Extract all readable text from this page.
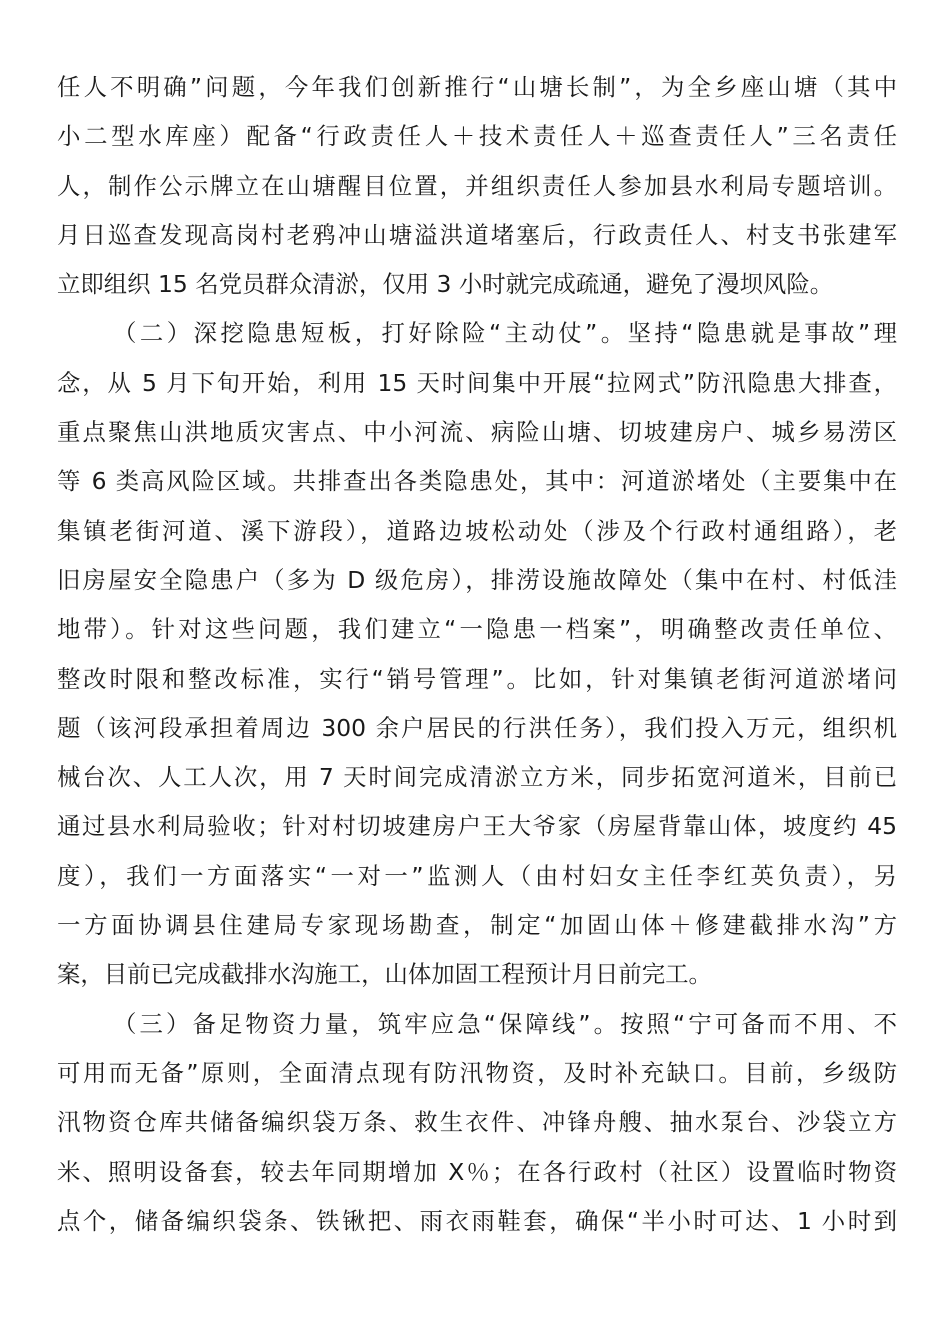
任人不明确”问题，今年我们创新推行“山塘长制”，为全乡座山塘（其中
小二型水库座）配备“行政责任人＋技术责任人＋巡查责任人”三名责任
人，制作公示牌立在山塘醒目位置，并组织责任人参加县水利局专题培训。
月日巡查发现高岗村老鸦冲山塘溢洪道堵塞后，行政责任人、村支书张建军
立即组织 15 名党员群众清淤，仅用 3 小时就完成疏通，避免了漫坝风险。
（二）深挖隐患短板，打好除险“主动仗”。坚持“隐患就是事故”理
念，从 5 月下旬开始，利用 15 天时间集中开展“拉网式”防汛隐患大排查，
重点聚焦山洪地质灾害点、中小河流、病险山塘、切坡建房户、城乡易涝区
等 6 类高风险区域。共排查出各类隐患处，其中：河道淤堵处（主要集中在
集镇老街河道、溪下游段），道路边坡松动处（涉及个行政村通组路），老
旧房屋安全隐患户（多为 D 级危房），排涝设施故障处（集中在村、村低洼
地带）。针对这些问题，我们建立“一隐患一档案”，明确整改责任单位、
整改时限和整改标准，实行“销号管理”。比如，针对集镇老街河道淤堵问
题（该河段承担着周边 300 余户居民的行洪任务），我们投入万元，组织机
械台次、人工人次，用 7 天时间完成清淤立方米，同步拓宽河道米，目前已
通过县水利局验收；针对村切坡建房户王大爷家（房屋背靠山体，坡度约 45
度），我们一方面落实“一对一”监测人（由村妇女主任李红英负责），另
一方面协调县住建局专家现场勘查，制定“加固山体＋修建截排水沟”方
案，目前已完成截排水沟施工，山体加固工程预计月日前完工。
（三）备足物资力量，筑牢应急“保障线”。按照“宁可备而不用、不
可用而无备”原则，全面清点现有防汛物资，及时补充缺口。目前，乡级防
汛物资仓库共储备编织袋万条、救生衣件、冲锋舟艘、抽水泵台、沙袋立方
米、照明设备套，较去年同期增加 X％；在各行政村（社区）设置临时物资
点个，储备编织袋条、铁锹把、雨衣雨鞋套，确保“半小时可达、1 小时到
